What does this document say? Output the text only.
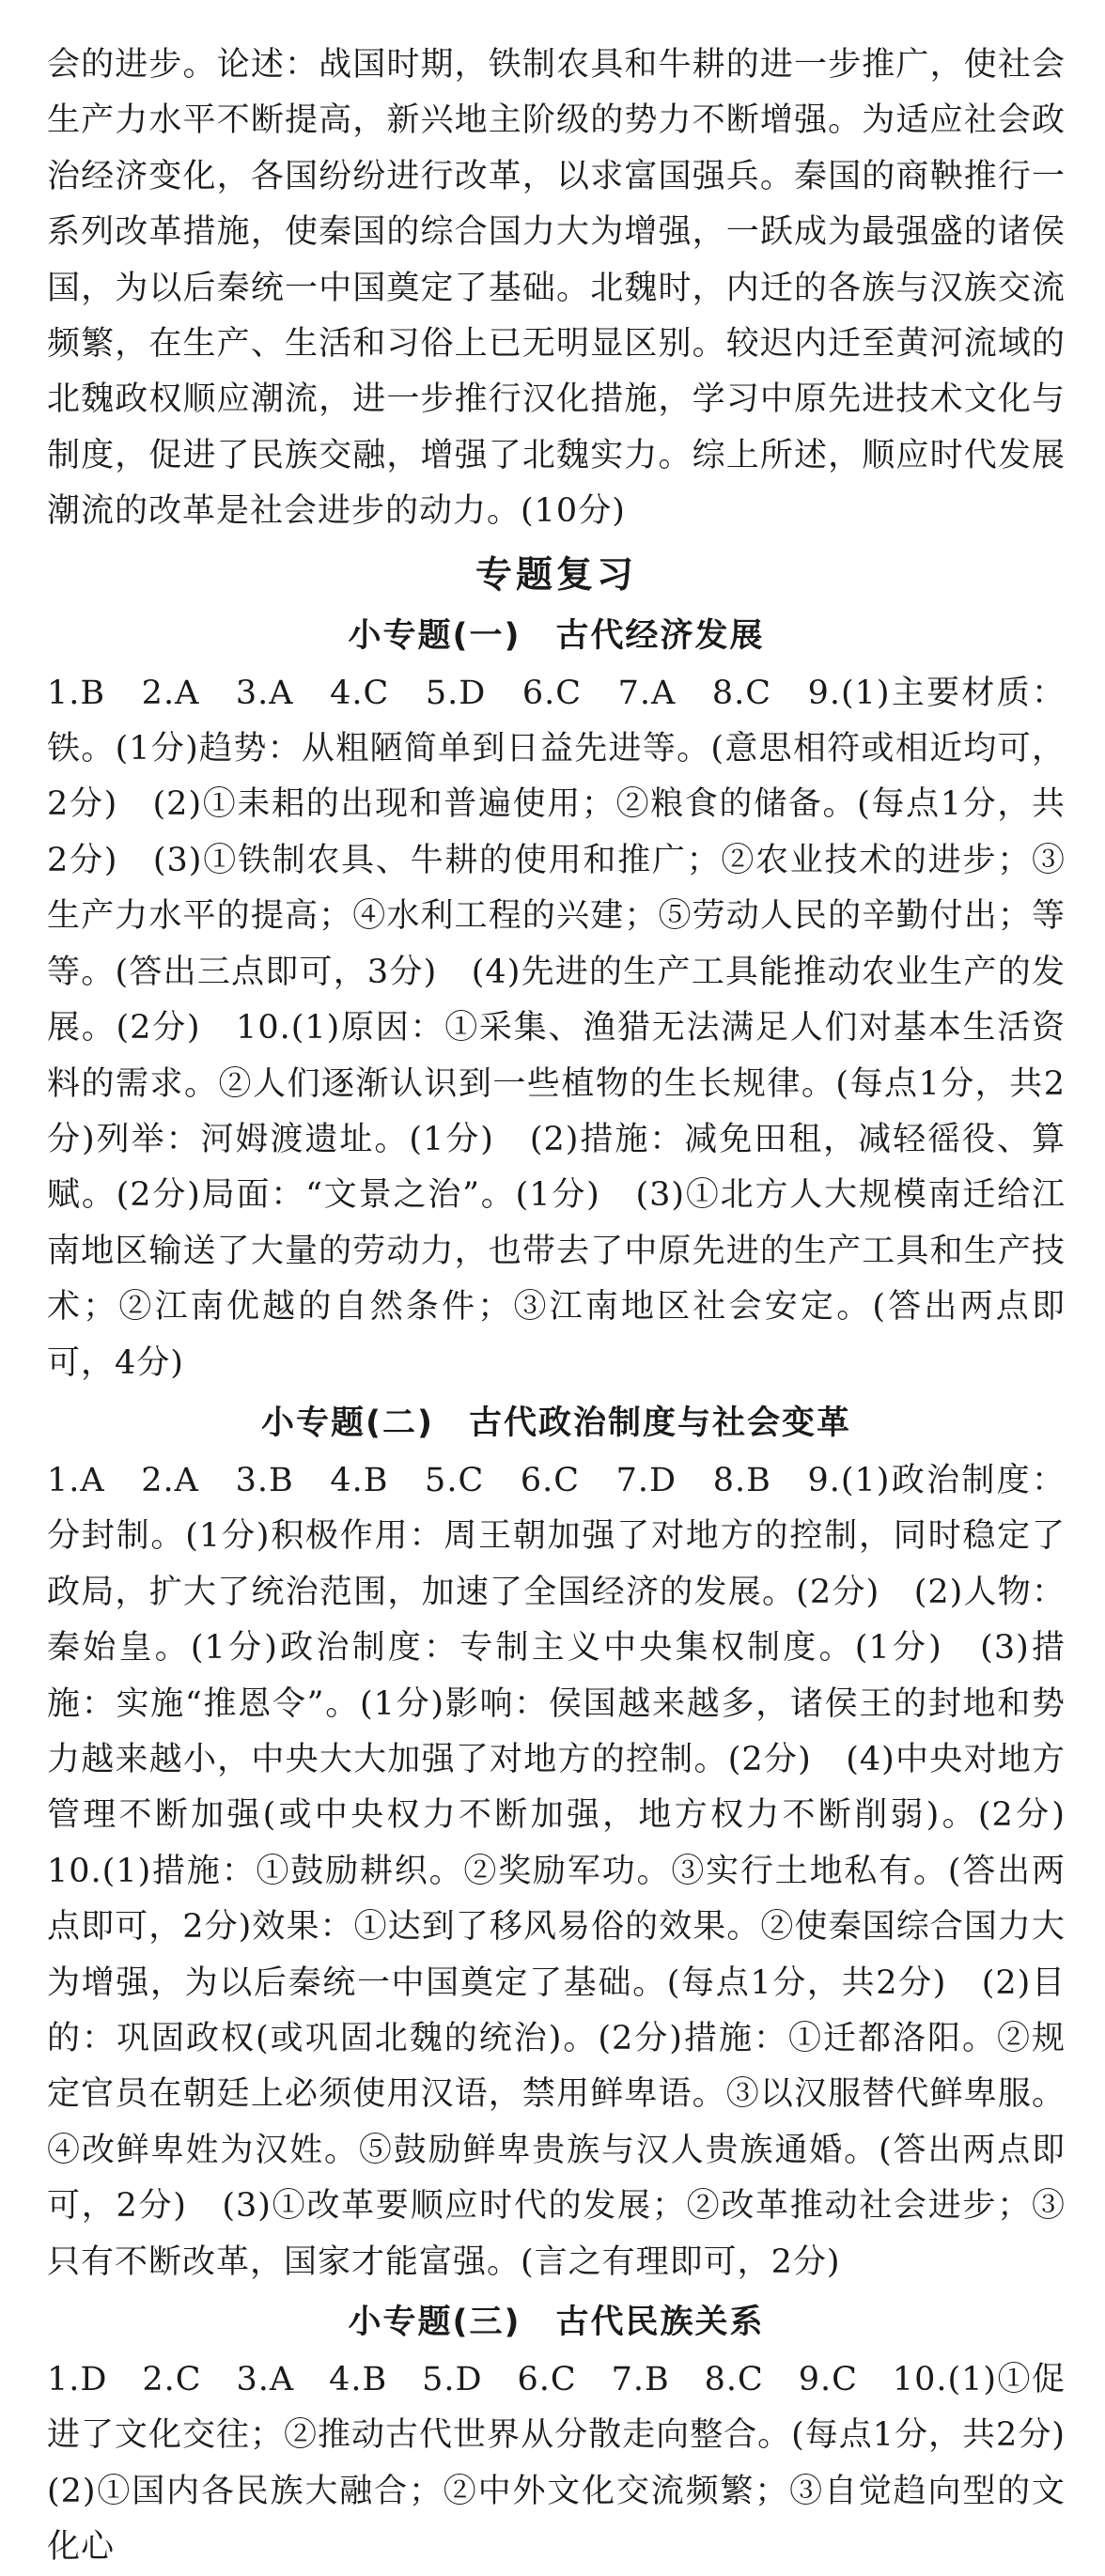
会的进步。论述：战国时期，铁制农具和牛耕的进一步推广，使社会生产力水平不断提高，新兴地主阶级的势力不断增强。为适应社会政治经济变化，各国纷纷进行改革，以求富国强兵。秦国的商鞅推行一系列改革措施，使秦国的综合国力大为增强，一跃成为最强盛的诸侯国，为以后秦统一中国奠定了基础。北魏时，内迁的各族与汉族交流频繁，在生产、生活和习俗上已无明显区别。较迟内迁至黄河流域的北魏政权顺应潮流，进一步推行汉化措施，学习中原先进技术文化与制度，促进了民族交融，增强了北魏实力。综上所述，顺应时代发展潮流的改革是社会进步的动力。(10分)

专题复习
小专题(一)　古代经济发展

1.B　2.A　3.A　4.C　5.D　6.C　7.A　8.C　9.(1)主要材质：铁。(1分)趋势：从粗陋简单到日益先进等。(意思相符或相近均可，2分)　(2)①耒耜的出现和普遍使用；②粮食的储备。(每点1分，共2分)　(3)①铁制农具、牛耕的使用和推广；②农业技术的进步；③生产力水平的提高；④水利工程的兴建；⑤劳动人民的辛勤付出；等等。(答出三点即可，3分)　(4)先进的生产工具能推动农业生产的发展。(2分)　10.(1)原因：①采集、渔猎无法满足人们对基本生活资料的需求。②人们逐渐认识到一些植物的生长规律。(每点1分，共2分)列举：河姆渡遗址。(1分)　(2)措施：减免田租，减轻徭役、算赋。(2分)局面：“文景之治”。(1分)　(3)①北方人大规模南迁给江南地区输送了大量的劳动力，也带去了中原先进的生产工具和生产技术；②江南优越的自然条件；③江南地区社会安定。(答出两点即可，4分)

小专题(二)　古代政治制度与社会变革

1.A　2.A　3.B　4.B　5.C　6.C　7.D　8.B　9.(1)政治制度：分封制。(1分)积极作用：周王朝加强了对地方的控制，同时稳定了政局，扩大了统治范围，加速了全国经济的发展。(2分)　(2)人物：秦始皇。(1分)政治制度：专制主义中央集权制度。(1分)　(3)措施：实施“推恩令”。(1分)影响：侯国越来越多，诸侯王的封地和势力越来越小，中央大大加强了对地方的控制。(2分)　(4)中央对地方管理不断加强(或中央权力不断加强，地方权力不断削弱)。(2分)　10.(1)措施：①鼓励耕织。②奖励军功。③实行土地私有。(答出两点即可，2分)效果：①达到了移风易俗的效果。②使秦国综合国力大为增强，为以后秦统一中国奠定了基础。(每点1分，共2分)　(2)目的：巩固政权(或巩固北魏的统治)。(2分)措施：①迁都洛阳。②规定官员在朝廷上必须使用汉语，禁用鲜卑语。③以汉服替代鲜卑服。④改鲜卑姓为汉姓。⑤鼓励鲜卑贵族与汉人贵族通婚。(答出两点即可，2分)　(3)①改革要顺应时代的发展；②改革推动社会进步；③只有不断改革，国家才能富强。(言之有理即可，2分)

小专题(三)　古代民族关系

1.D　2.C　3.A　4.B　5.D　6.C　7.B　8.C　9.C　10.(1)①促进了文化交往；②推动古代世界从分散走向整合。(每点1分，共2分)　(2)①国内各民族大融合；②中外文化交流频繁；③自觉趋向型的文化心
